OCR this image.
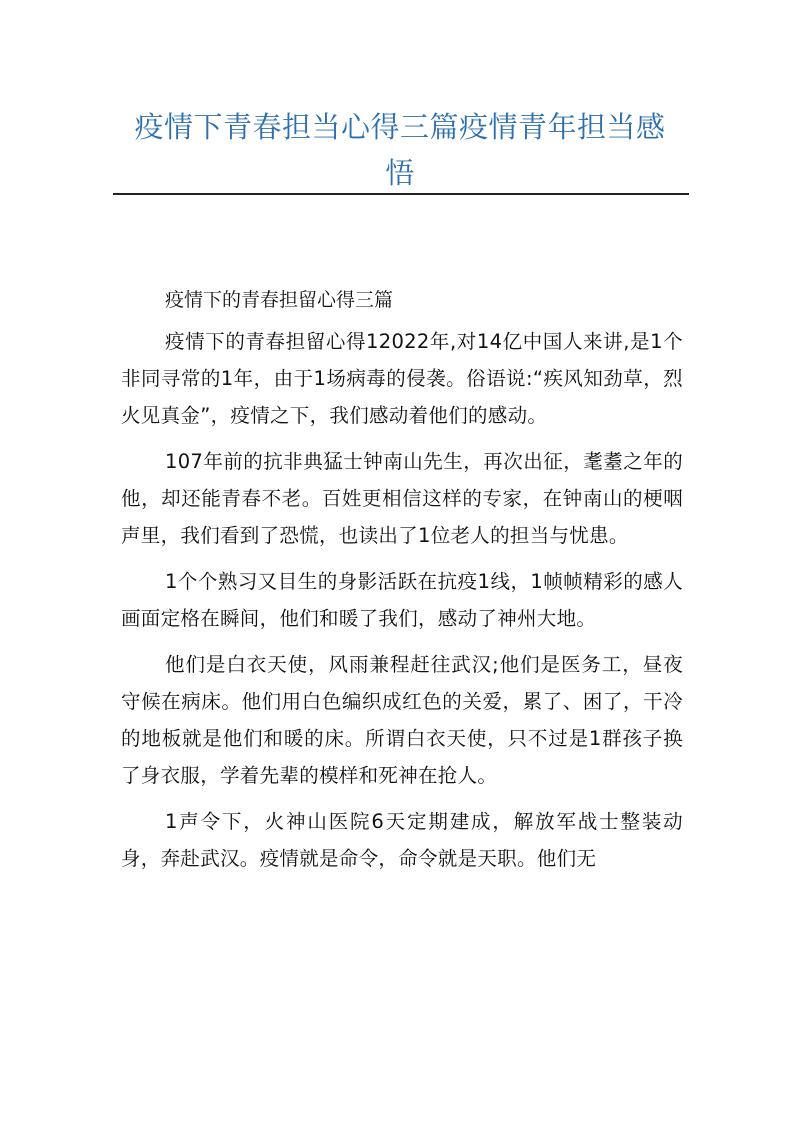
疫情下青春担当心得三篇疫情青年担当感悟

疫情下的青春担留心得三篇

疫情下的青春担留心得12022年,对14亿中国人来讲,是1个非同寻常的1年，由于1场病毒的侵袭。俗语说:“疾风知劲草，烈火见真金”，疫情之下，我们感动着他们的感动。

107年前的抗非典猛士钟南山先生，再次出征，耄耋之年的他，却还能青春不老。百姓更相信这样的专家，在钟南山的梗咽声里，我们看到了恐慌，也读出了1位老人的担当与忧患。

1个个熟习又目生的身影活跃在抗疫1线，1帧帧精彩的感人画面定格在瞬间，他们和暖了我们，感动了神州大地。

他们是白衣天使，风雨兼程赶往武汉;他们是医务工，昼夜守候在病床。他们用白色编织成红色的关爱，累了、困了，干冷的地板就是他们和暖的床。所谓白衣天使，只不过是1群孩子换了身衣服，学着先辈的模样和死神在抢人。

1声令下，火神山医院6天定期建成，解放军战士整装动身，奔赴武汉。疫情就是命令，命令就是天职。他们无
